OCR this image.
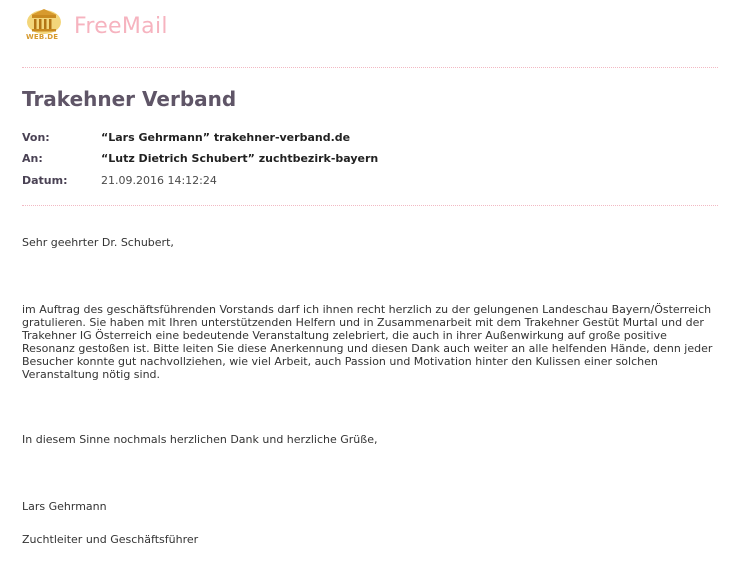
WEB.DE FreeMail
Trakehner Verband
Von:	“Lars Gehrmann” trakehner-verband.de
An:	“Lutz Dietrich Schubert” zuchtbezirk-bayern
Datum:	21.09.2016 14:12:24
Sehr geehrter Dr. Schubert,
im Auftrag des geschäftsführenden Vorstands darf ich ihnen recht herzlich zu der gelungenen Landeschau Bayern/Österreich
gratulieren. Sie haben mit Ihren unterstützenden Helfern und in Zusammenarbeit mit dem Trakehner Gestüt Murtal und der
Trakehner IG Österreich eine bedeutende Veranstaltung zelebriert, die auch in ihrer Außenwirkung auf große positive
Resonanz gestoßen ist. Bitte leiten Sie diese Anerkennung und diesen Dank auch weiter an alle helfenden Hände, denn jeder
Besucher konnte gut nachvollziehen, wie viel Arbeit, auch Passion und Motivation hinter den Kulissen einer solchen
Veranstaltung nötig sind.
In diesem Sinne nochmals herzlichen Dank und herzliche Grüße,
Lars Gehrmann
Zuchtleiter und Geschäftsführer
